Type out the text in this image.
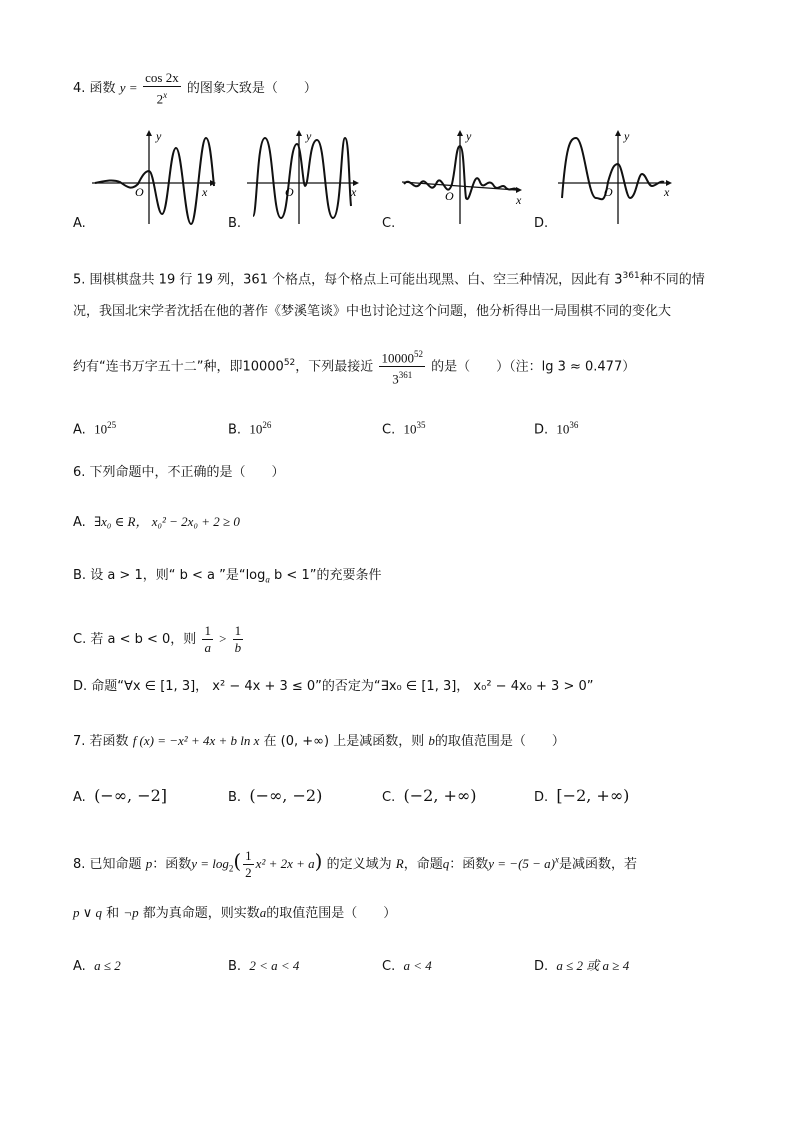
4. 函数 $y = \frac{\cos 2x}{2^x}$ 的图象大致是（　　）
O
y
x	O
y
x	O
y
x
O
y
x
A.	B.	C.	D.
5. 围棋棋盘共 19 行 19 列，361 个格点，每个格点上可能出现黑、白、空三种情况，因此有 $3^{361}$种不同的情
况，我国北宋学者沈括在他的著作《梦溪笔谈》中也讨论过这个问题，他分析得出一局围棋不同的变化大
约有“连书万字五十二”种，即10000$^{52}$，下列最接近 $\frac{10000^{52}}{3^{361}}$ 的是（　　）（注：lg 3 ≈ 0.477）
A. $10^{25}$	B. $10^{26}$	C. $10^{35}$	D. $10^{36}$
6. 下列命题中，不正确的是（　　）
A. ∃x₀ ∈ R， x₀² − 2x₀ + 2 ≥ 0
B. 设 a > 1，则“ b < a ”是“$\log_a$ b < 1”的充要条件
C. 若 a < b < 0，则 $\frac{1}{a} > \frac{1}{b}$
D. 命题“∀x ∈ [1, 3]， x² − 4x + 3 ≤ 0”的否定为“∃x₀ ∈ [1, 3]， x₀² − 4x₀ + 3 > 0”
7. 若函数 f (x) = −x² + 4x + b ln x 在 (0, +∞) 上是减函数，则 b的取值范围是（　　）
A. (−∞, −2]	B. (−∞, −2)	C. (−2, +∞)	D. [−2, +∞)
8. 已知命题 p：函数$y = \log_2( \frac{1}{2} x^2 + 2x + a)$ 的定义域为 R，命题q：函数$y = -(5 - a)^x$是减函数，若
p ∨ q 和 ¬p 都为真命题，则实数a的取值范围是（　　）
A. a ≤ 2	B. 2 < a < 4	C. a < 4	D. a ≤ 2 或 a ≥ 4
